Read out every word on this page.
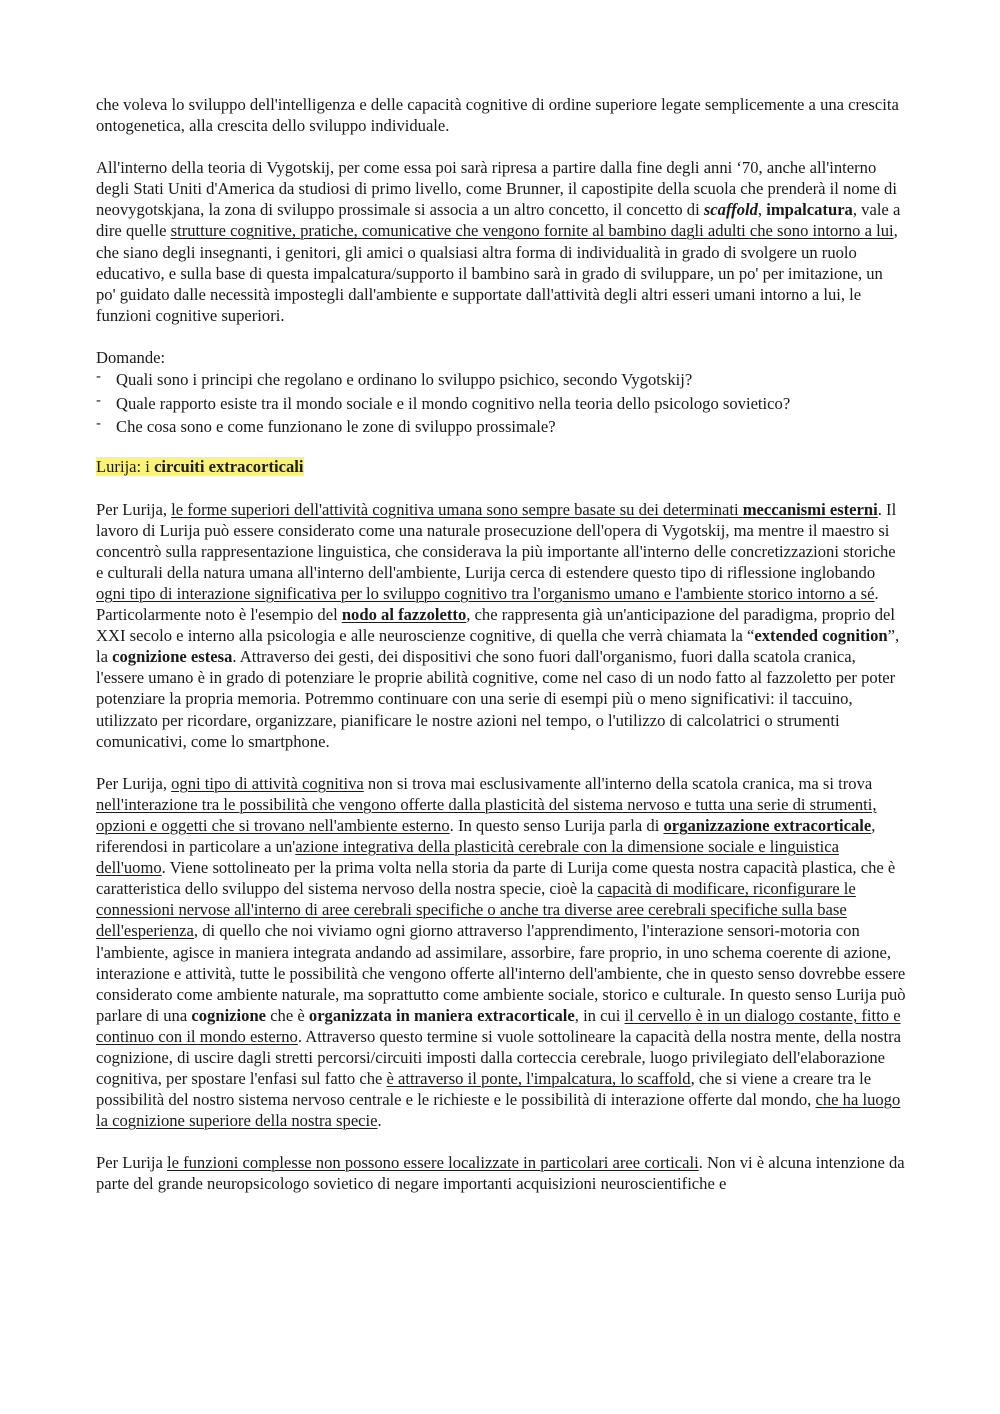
che voleva lo sviluppo dell'intelligenza e delle capacità cognitive di ordine superiore legate semplicemente a una crescita ontogenetica, alla crescita dello sviluppo individuale.

All'interno della teoria di Vygotskij, per come essa poi sarà ripresa a partire dalla fine degli anni ‘70, anche all'interno degli Stati Uniti d'America da studiosi di primo livello, come Brunner, il capostipite della scuola che prenderà il nome di neovygotskjana, la zona di sviluppo prossimale si associa a un altro concetto, il concetto di scaffold, impalcatura, vale a dire quelle strutture cognitive, pratiche, comunicative che vengono fornite al bambino dagli adulti che sono intorno a lui, che siano degli insegnanti, i genitori, gli amici o qualsiasi altra forma di individualità in grado di svolgere un ruolo educativo, e sulla base di questa impalcatura/supporto il bambino sarà in grado di sviluppare, un po' per imitazione, un po' guidato dalle necessità impostegli dall'ambiente e supportate dall'attività degli altri esseri umani intorno a lui, le funzioni cognitive superiori.

Domande:

- Quali sono i principi che regolano e ordinano lo sviluppo psichico, secondo Vygotskij?
- Quale rapporto esiste tra il mondo sociale e il mondo cognitivo nella teoria dello psicologo sovietico?
- Che cosa sono e come funzionano le zone di sviluppo prossimale?

Lurija: i circuiti extracorticali

Per Lurija, le forme superiori dell'attività cognitiva umana sono sempre basate su dei determinati meccanismi esterni. Il lavoro di Lurija può essere considerato come una naturale prosecuzione dell'opera di Vygotskij, ma mentre il maestro si concentrò sulla rappresentazione linguistica, che considerava la più importante all'interno delle concretizzazioni storiche e culturali della natura umana all'interno dell'ambiente, Lurija cerca di estendere questo tipo di riflessione inglobando ogni tipo di interazione significativa per lo sviluppo cognitivo tra l'organismo umano e l'ambiente storico intorno a sé. Particolarmente noto è l'esempio del nodo al fazzoletto, che rappresenta già un'anticipazione del paradigma, proprio del XXI secolo e interno alla psicologia e alle neuroscienze cognitive, di quella che verrà chiamata la “extended cognition”, la cognizione estesa. Attraverso dei gesti, dei dispositivi che sono fuori dall'organismo, fuori dalla scatola cranica, l'essere umano è in grado di potenziare le proprie abilità cognitive, come nel caso di un nodo fatto al fazzoletto per poter potenziare la propria memoria. Potremmo continuare con una serie di esempi più o meno significativi: il taccuino, utilizzato per ricordare, organizzare, pianificare le nostre azioni nel tempo, o l'utilizzo di calcolatrici o strumenti comunicativi, come lo smartphone.

Per Lurija, ogni tipo di attività cognitiva non si trova mai esclusivamente all'interno della scatola cranica, ma si trova nell'interazione tra le possibilità che vengono offerte dalla plasticità del sistema nervoso e tutta una serie di strumenti, opzioni e oggetti che si trovano nell'ambiente esterno. In questo senso Lurija parla di organizzazione extracorticale, riferendosi in particolare a un'azione integrativa della plasticità cerebrale con la dimensione sociale e linguistica dell'uomo. Viene sottolineato per la prima volta nella storia da parte di Lurija come questa nostra capacità plastica, che è caratteristica dello sviluppo del sistema nervoso della nostra specie, cioè la capacità di modificare, riconfigurare le connessioni nervose all'interno di aree cerebrali specifiche o anche tra diverse aree cerebrali specifiche sulla base dell'esperienza, di quello che noi viviamo ogni giorno attraverso l'apprendimento, l'interazione sensori-motoria con l'ambiente, agisce in maniera integrata andando ad assimilare, assorbire, fare proprio, in uno schema coerente di azione, interazione e attività, tutte le possibilità che vengono offerte all'interno dell'ambiente, che in questo senso dovrebbe essere considerato come ambiente naturale, ma soprattutto come ambiente sociale, storico e culturale. In questo senso Lurija può parlare di una cognizione che è organizzata in maniera extracorticale, in cui il cervello è in un dialogo costante, fitto e continuo con il mondo esterno. Attraverso questo termine si vuole sottolineare la capacità della nostra mente, della nostra cognizione, di uscire dagli stretti percorsi/circuiti imposti dalla corteccia cerebrale, luogo privilegiato dell'elaborazione cognitiva, per spostare l'enfasi sul fatto che è attraverso il ponte, l'impalcatura, lo scaffold, che si viene a creare tra le possibilità del nostro sistema nervoso centrale e le richieste e le possibilità di interazione offerte dal mondo, che ha luogo la cognizione superiore della nostra specie.

Per Lurija le funzioni complesse non possono essere localizzate in particolari aree corticali. Non vi è alcuna intenzione da parte del grande neuropsicologo sovietico di negare importanti acquisizioni neuroscientifiche e
